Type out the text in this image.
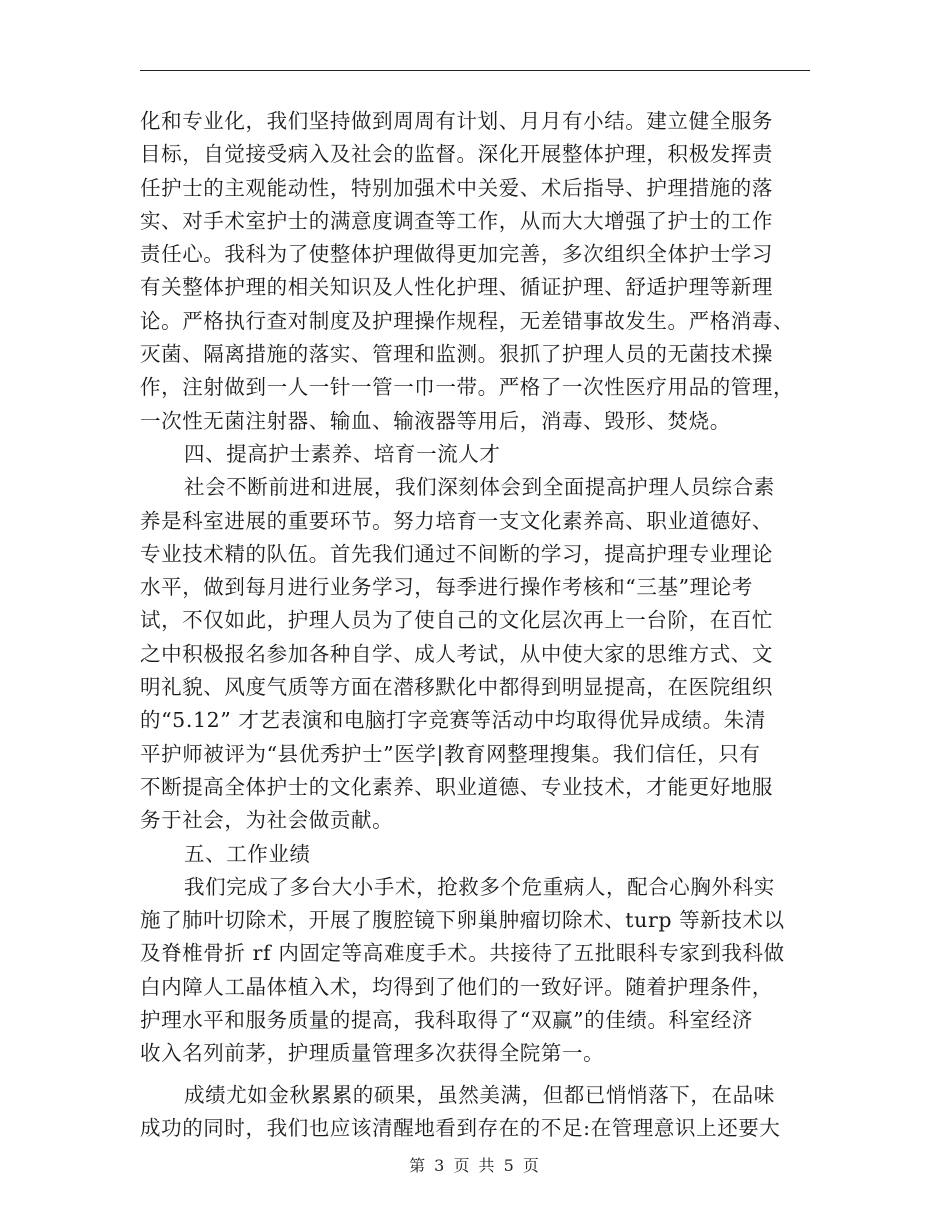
化和专业化，我们坚持做到周周有计划、月月有小结。建立健全服务
目标，自觉接受病入及社会的监督。深化开展整体护理，积极发挥责
任护士的主观能动性，特别加强术中关爱、术后指导、护理措施的落
实、对手术室护士的满意度调查等工作，从而大大增强了护士的工作
责任心。我科为了使整体护理做得更加完善，多次组织全体护士学习
有关整体护理的相关知识及人性化护理、循证护理、舒适护理等新理
论。严格执行查对制度及护理操作规程，无差错事故发生。严格消毒、
灭菌、隔离措施的落实、管理和监测。狠抓了护理人员的无菌技术操
作，注射做到一人一针一管一巾一带。严格了一次性医疗用品的管理，
一次性无菌注射器、输血、输液器等用后，消毒、毁形、焚烧。
四、提高护士素养、培育一流人才
社会不断前进和进展，我们深刻体会到全面提高护理人员综合素
养是科室进展的重要环节。努力培育一支文化素养高、职业道德好、
专业技术精的队伍。首先我们通过不间断的学习，提高护理专业理论
水平，做到每月进行业务学习，每季进行操作考核和“三基”理论考
试，不仅如此，护理人员为了使自己的文化层次再上一台阶，在百忙
之中积极报名参加各种自学、成人考试，从中使大家的思维方式、文
明礼貌、风度气质等方面在潜移默化中都得到明显提高，在医院组织
的“5.12” 才艺表演和电脑打字竞赛等活动中均取得优异成绩。朱清
平护师被评为“县优秀护士”医学|教育网整理搜集。我们信任，只有
不断提高全体护士的文化素养、职业道德、专业技术，才能更好地服
务于社会，为社会做贡献。
五、工作业绩
我们完成了多台大小手术，抢救多个危重病人，配合心胸外科实
施了肺叶切除术，开展了腹腔镜下卵巢肿瘤切除术、turp 等新技术以
及脊椎骨折 rf 内固定等高难度手术。共接待了五批眼科专家到我科做
白内障人工晶体植入术，均得到了他们的一致好评。随着护理条件，
护理水平和服务质量的提高，我科取得了“双赢”的佳绩。科室经济
收入名列前茅，护理质量管理多次获得全院第一。
成绩尤如金秋累累的硕果，虽然美满，但都已悄悄落下，在品味
成功的同时，我们也应该清醒地看到存在的不足:在管理意识上还要大
第 3 页 共 5 页
